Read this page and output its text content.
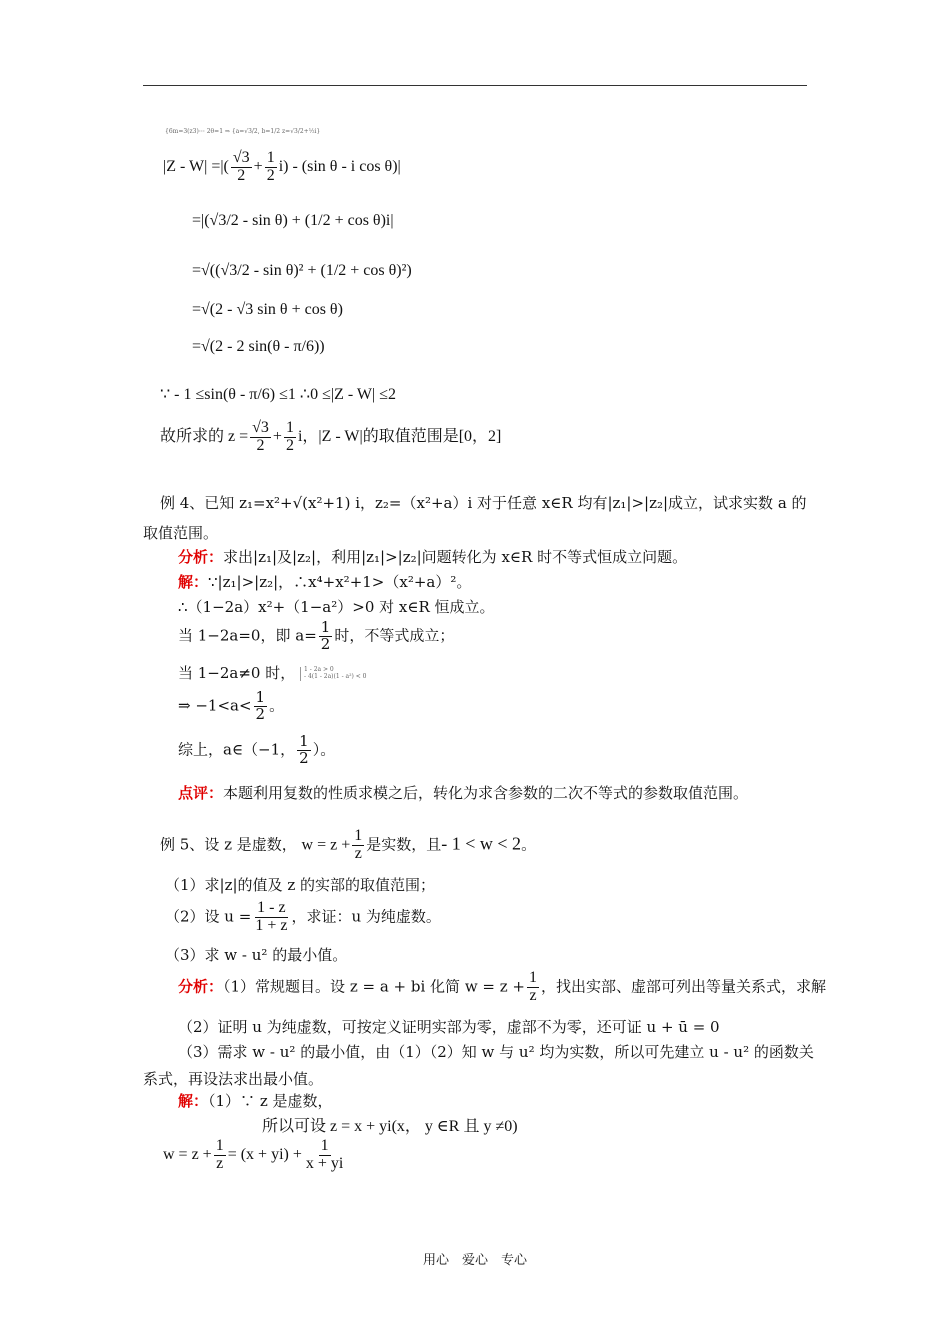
{6m=3(z3)⋯ 2θ=1 ⇒ {a=√3/2, b=1/2 z=√3/2+½i}
|Z - W| =|( $\frac{√3}{2} + \frac{1}{2} i) - (\sin$ θ - i cos θ)|
=|(√3/2 - sin θ) + (1/2 + cos θ)i|
=√((√3/2 - sin θ)² + (1/2 + cos θ)²)
=√(2 - √3 sin θ + cos θ)
=√(2 - 2 sin(θ - π/6))
∵ - 1 ≤sin(θ - π/6) ≤1 ∴0 ≤|Z - W| ≤2
故所求的 $z = \frac{√3}{2} + \frac{1}{2}$ i，|Z - W|的取值范围是[0，2]
例 4、已知 z₁=x²+√(x²+1) i，z₂=（x²+a）i 对于任意 x∈R 均有|z₁|>|z₂|成立，试求实数 a 的
取值范围。
分析：求出|z₁|及|z₂|，利用|z₁|>|z₂|问题转化为 x∈R 时不等式恒成立问题。
解：∵|z₁|>|z₂|，∴x⁴+x²+1>（x²+a）²。
∴（1−2a）x²+（1−a²）>0 对 x∈R 恒成立。
当 1−2a=0，即 $a= \frac{1}{2}$ 时，不等式成立；
当 1−2a≠0 时， 1 - 2a > 0
- 4(1 - 2a)(1 - a²) < 0
⇒ $-1<a< \frac{1}{2}$ 。
综上，a∈（−1， $\frac{1}{2}$ ）。
点评：本题利用复数的性质求模之后，转化为求含参数的二次不等式的参数取值范围。
例 5、设 z 是虚数， $w = z + \frac{1}{z}$ 是实数，且- 1 < w < 2。
（1）求|z|的值及 z 的实部的取值范围；
（2）设 $u = \frac{1 - z}{1 + z}$ ，求证：u 为纯虚数。
（3）求 w - u² 的最小值。
分析：（1）常规题目。设 z = a + bi 化简 $w = z + \frac{1}{z}$ ，找出实部、虚部可列出等量关系式，求解
（2）证明 u 为纯虚数，可按定义证明实部为零，虚部不为零，还可证 u + ū = 0
（3）需求 w - u² 的最小值，由（1）（2）知 w 与 u² 均为实数，所以可先建立 u - u² 的函数关
系式，再设法求出最小值。
解：（1）∵ z 是虚数，
所以可设 z = x + yi(x， y ∈R 且 y ≠0)
$w = z + \frac{1}{z} = (x + yi) + \frac{1}{x + yi}$
用心　爱心　专心
